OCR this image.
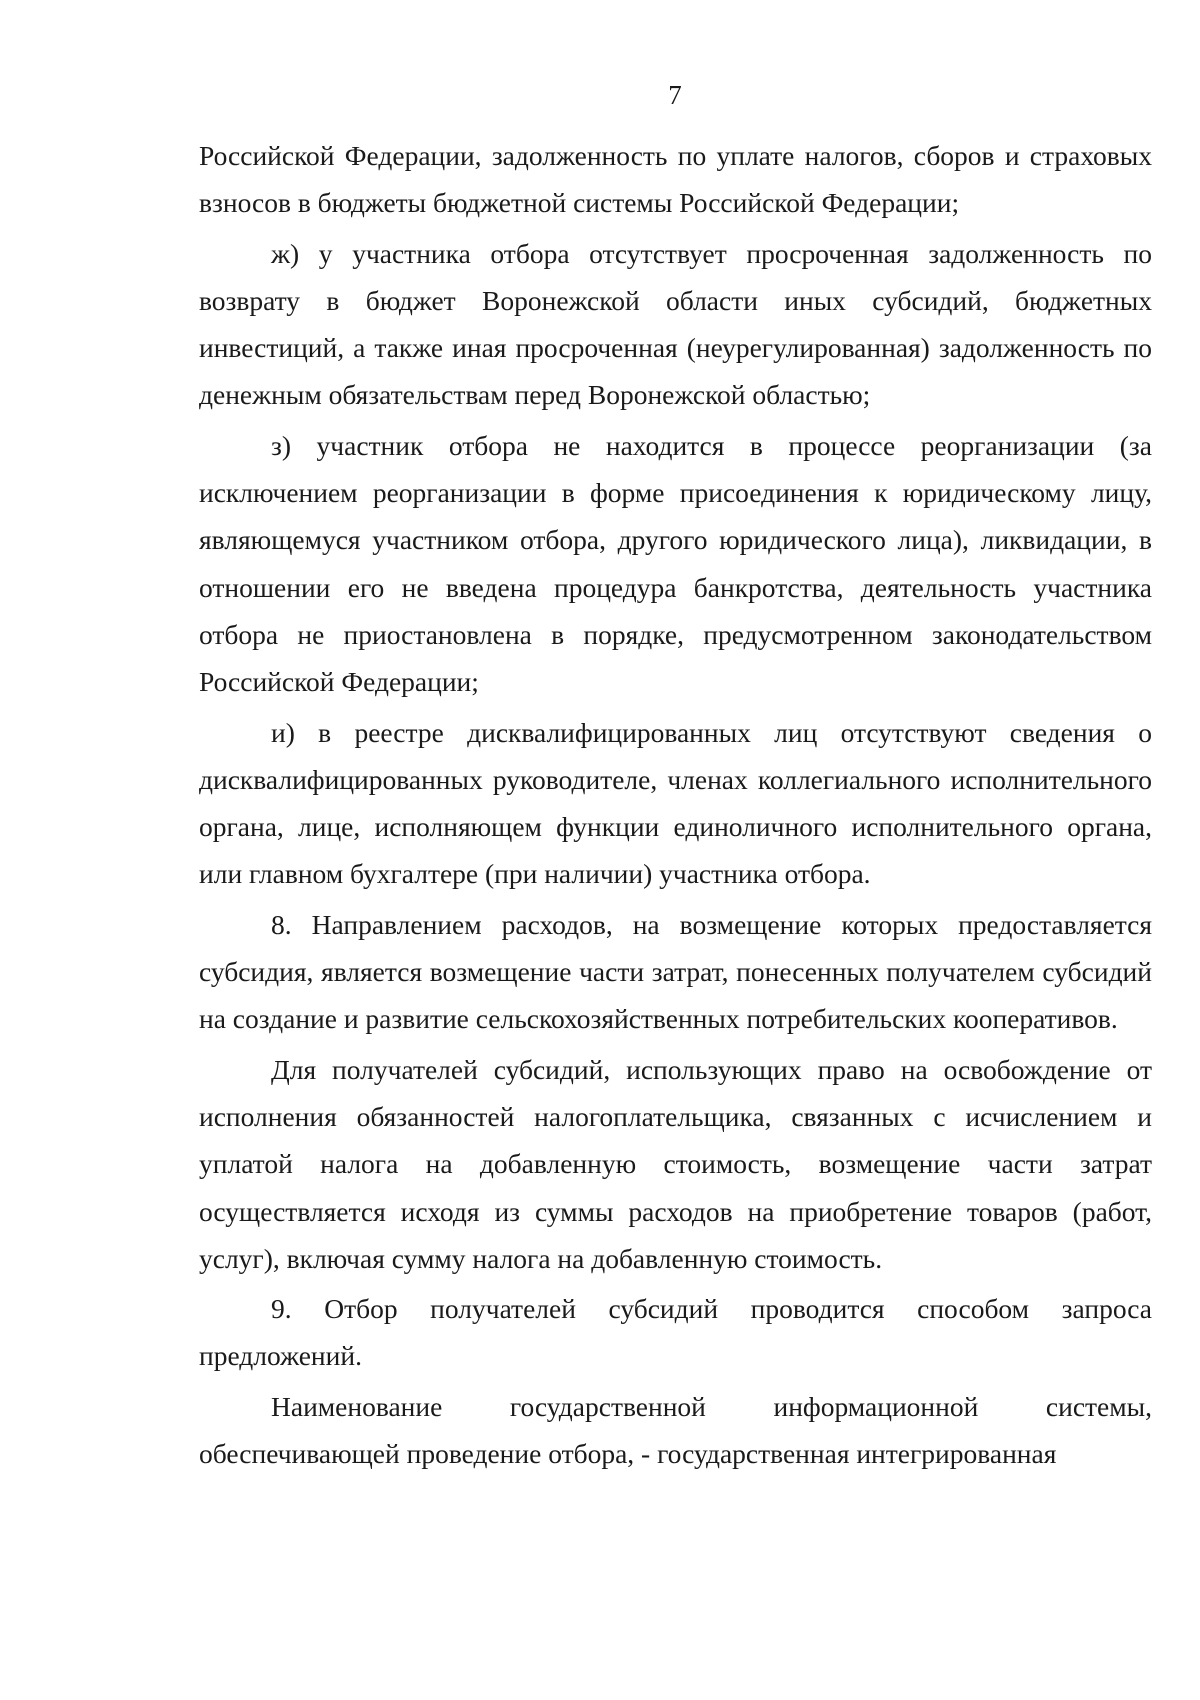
7

Российской Федерации, задолженность по уплате налогов, сборов и страховых взносов в бюджеты бюджетной системы Российской Федерации;

ж) у участника отбора отсутствует просроченная задолженность по возврату в бюджет Воронежской области иных субсидий, бюджетных инвестиций, а также иная просроченная (неурегулированная) задолженность по денежным обязательствам перед Воронежской областью;

з) участник отбора не находится в процессе реорганизации (за исключением реорганизации в форме присоединения к юридическому лицу, являющемуся участником отбора, другого юридического лица), ликвидации, в отношении его не введена процедура банкротства, деятельность участника отбора не приостановлена в порядке, предусмотренном законодательством Российской Федерации;

и) в реестре дисквалифицированных лиц отсутствуют сведения о дисквалифицированных руководителе, членах коллегиального исполнительного органа, лице, исполняющем функции единоличного исполнительного органа, или главном бухгалтере (при наличии) участника отбора.

8. Направлением расходов, на возмещение которых предоставляется субсидия, является возмещение части затрат, понесенных получателем субсидий на создание и развитие сельскохозяйственных потребительских кооперативов.

Для получателей субсидий, использующих право на освобождение от исполнения обязанностей налогоплательщика, связанных с исчислением и уплатой налога на добавленную стоимость, возмещение части затрат осуществляется исходя из суммы расходов на приобретение товаров (работ, услуг), включая сумму налога на добавленную стоимость.

9. Отбор получателей субсидий проводится способом запроса предложений.

Наименование государственной информационной системы, обеспечивающей проведение отбора, - государственная интегрированная
